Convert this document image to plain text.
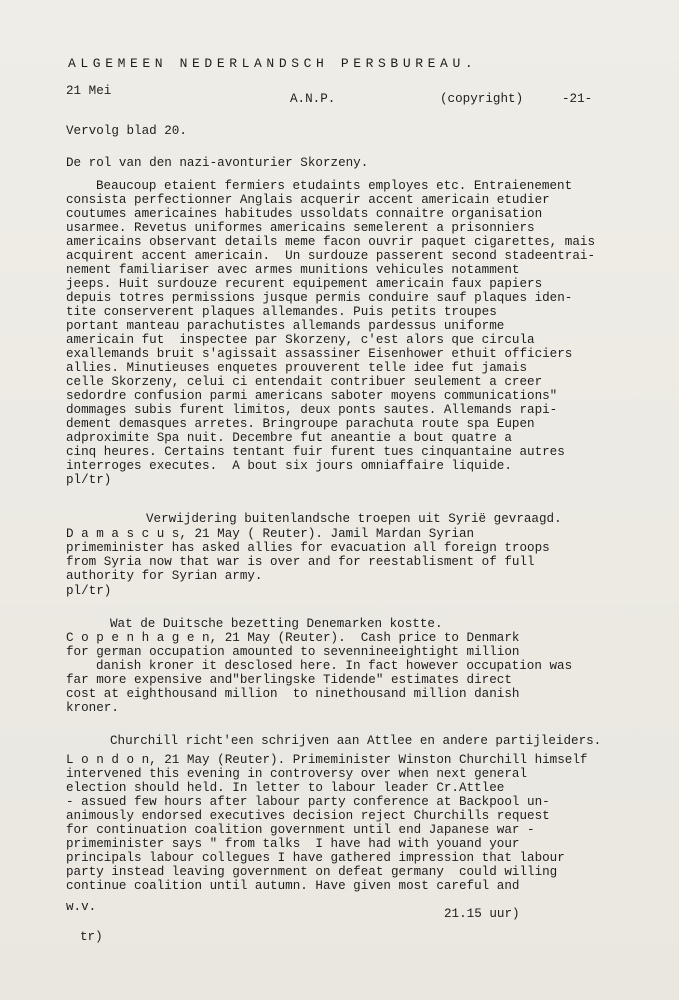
ALGEMEEN NEDERLANDSCH PERSBUREAU.
21 Mei
A.N.P.	(copyright)	-21-
Vervolg blad 20.
De rol van den nazi-avonturier Skorzeny.
Beaucoup etaient fermiers etudaints employes etc. Entraienement
consista perfectionner Anglais acquerir accent americain etudier
coutumes americaines habitudes ussoldats connaitre organisation
usarmee. Revetus uniformes americains semelerent a prisonniers
americains observant details meme facon ouvrir paquet cigarettes, mais
acquirent accent americain.  Un surdouze passerent second stadeentrai-
nement familiariser avec armes munitions vehicules notamment
jeeps. Huit surdouze recurent equipement americain faux papiers
depuis totres permissions jusque permis conduire sauf plaques iden-
tite conserverent plaques allemandes. Puis petits troupes
portant manteau parachutistes allemands pardessus uniforme
americain fut  inspectee par Skorzeny, c'est alors que circula
exallemands bruit s'agissait assassiner Eisenhower ethuit officiers
allies. Minutieuses enquetes prouverent telle idee fut jamais
celle Skorzeny, celui ci entendait contribuer seulement a creer
sedordre confusion parmi americans saboter moyens communications"
dommages subis furent limitos, deux ponts sautes. Allemands rapi-
dement demasques arretes. Bringroupe parachuta route spa Eupen
adproximite Spa nuit. Decembre fut aneantie a bout quatre a
cinq heures. Certains tentant fuir furent tues cinquantaine autres
interroges executes.  A bout six jours omniaffaire liquide.
pl/tr)
Verwijdering buitenlandsche troepen uit Syrië gevraagd.
D a m a s c u s, 21 May ( Reuter). Jamil Mardan Syrian
primeminister has asked allies for evacuation all foreign troops
from Syria now that war is over and for reestablisment of full
authority for Syrian army.
pl/tr)
Wat de Duitsche bezetting Denemarken kostte.
C o p e n h a g e n, 21 May (Reuter).  Cash price to Denmark
for german occupation amounted to sevennineeightight million
danish kroner it desclosed here. In fact however occupation was
far more expensive and"berlingske Tidende" estimates direct
cost at eighthousand million  to ninethousand million danish
kroner.
Churchill richt'een schrijven aan Attlee en andere partijleiders.
L o n d o n, 21 May (Reuter). Primeminister Winston Churchill himself
intervened this evening in controversy over when next general
election should held. In letter to labour leader Cr.Attlee
- assued few hours after labour party conference at Backpool un-
animously endorsed executives decision reject Churchills request
for continuation coalition government until end Japanese war -
primeminister says " from talks  I have had with youand your
principals labour collegues I have gathered impression that labour
party instead leaving government on defeat germany  could willing
continue coalition until autumn. Have given most careful and
w.v.	21.15 uur)
tr)
